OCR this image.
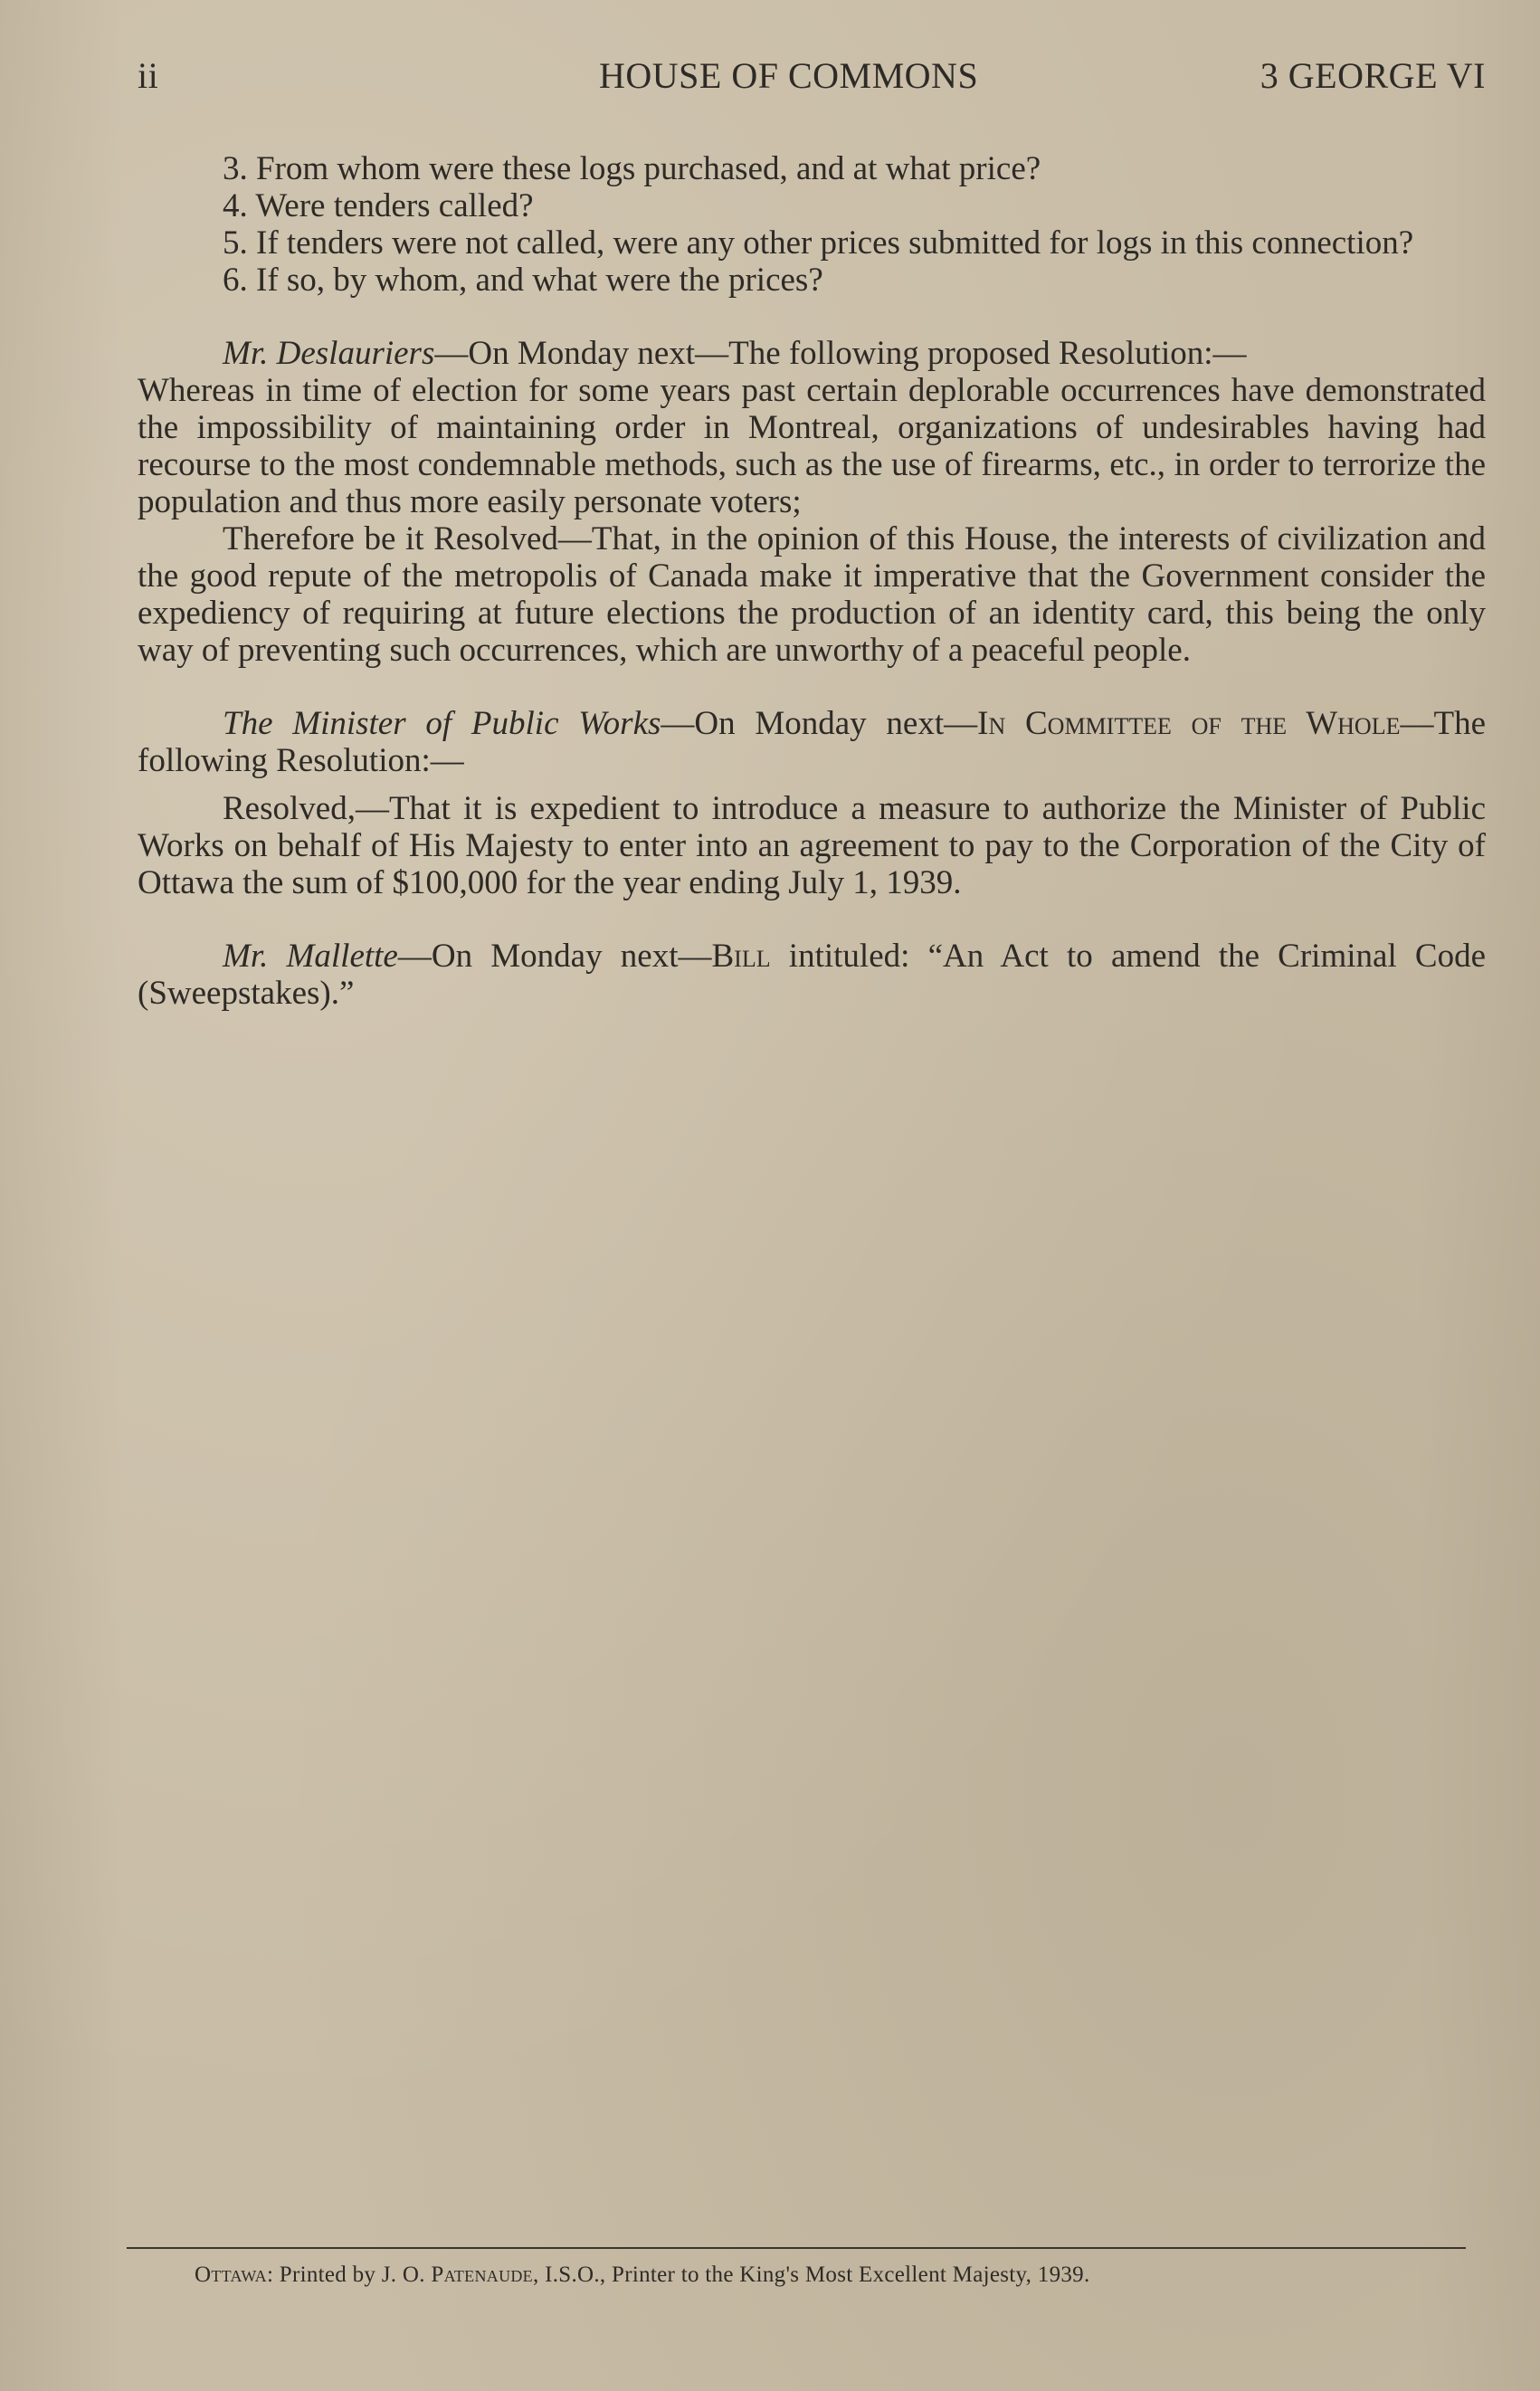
ii	HOUSE OF COMMONS	3 GEORGE VI

3. From whom were these logs purchased, and at what price?

4. Were tenders called?

5. If tenders were not called, were any other prices submitted for logs in this connection?

6. If so, by whom, and what were the prices?

Mr. Deslauriers—On Monday next—The following proposed Resolution:—

Whereas in time of election for some years past certain deplorable occurrences have demonstrated the impossibility of maintaining order in Montreal, organizations of undesirables having had recourse to the most condemnable methods, such as the use of firearms, etc., in order to terrorize the population and thus more easily personate voters;

Therefore be it Resolved—That, in the opinion of this House, the interests of civilization and the good repute of the metropolis of Canada make it imperative that the Government consider the expediency of requiring at future elections the production of an identity card, this being the only way of preventing such occurrences, which are unworthy of a peaceful people.

The Minister of Public Works—On Monday next—In Committee of the Whole—The following Resolution:—

Resolved,—That it is expedient to introduce a measure to authorize the Minister of Public Works on behalf of His Majesty to enter into an agreement to pay to the Corporation of the City of Ottawa the sum of $100,000 for the year ending July 1, 1939.

Mr. Mallette—On Monday next—Bill intituled: “An Act to amend the Criminal Code (Sweepstakes).”

Ottawa: Printed by J. O. Patenaude, I.S.O., Printer to the King's Most Excellent Majesty, 1939.
